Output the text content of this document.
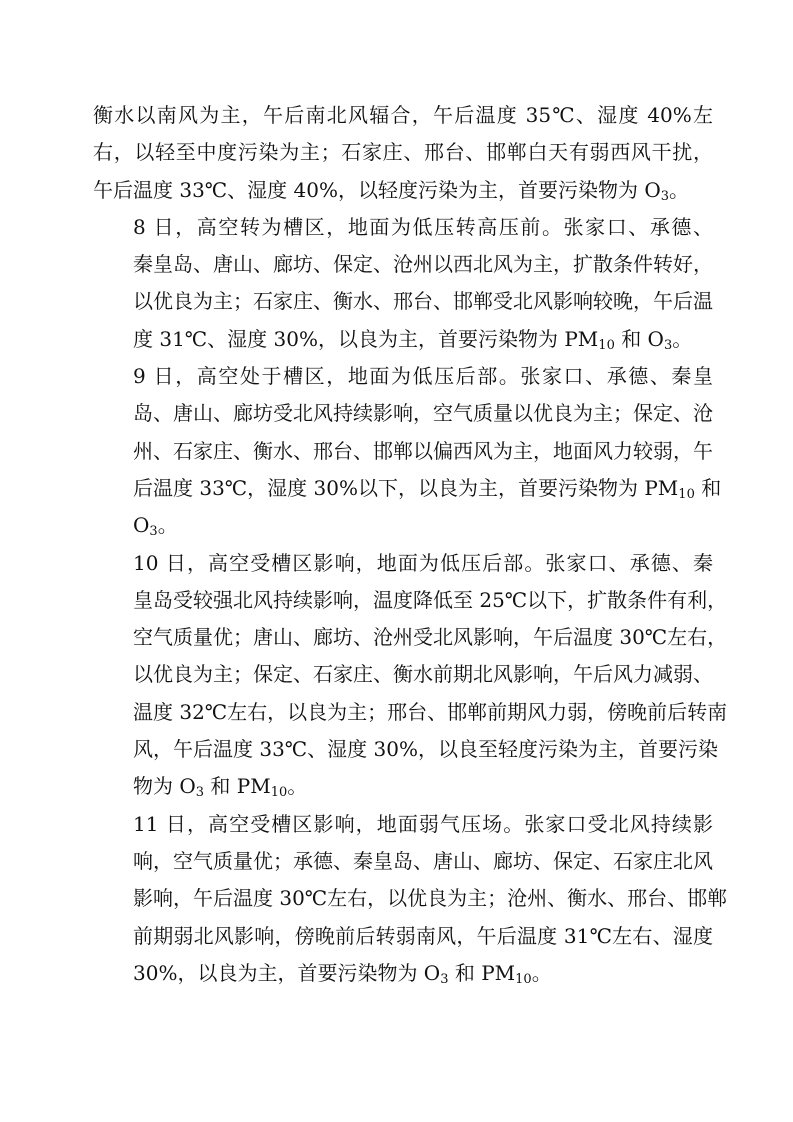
衡水以南风为主，午后南北风辐合，午后温度 35℃、湿度 40%左
右，以轻至中度污染为主；石家庄、邢台、邯郸白天有弱西风干扰，
午后温度 33℃、湿度 40%，以轻度污染为主，首要污染物为 $O_3$。
8 日，高空转为槽区，地面为低压转高压前。张家口、承德、
秦皇岛、唐山、廊坊、保定、沧州以西北风为主，扩散条件转好，
以优良为主；石家庄、衡水、邢台、邯郸受北风影响较晚，午后温
度 31℃、湿度 30%，以良为主，首要污染物为 $PM_{10}$ 和 $O_3$。
9 日，高空处于槽区，地面为低压后部。张家口、承德、秦皇
岛、唐山、廊坊受北风持续影响，空气质量以优良为主；保定、沧
州、石家庄、衡水、邢台、邯郸以偏西风为主，地面风力较弱，午
后温度 33℃，湿度 30%以下，以良为主，首要污染物为 $PM_{10}$ 和
$O_3$。
10 日，高空受槽区影响，地面为低压后部。张家口、承德、秦
皇岛受较强北风持续影响，温度降低至 25℃以下，扩散条件有利，
空气质量优；唐山、廊坊、沧州受北风影响，午后温度 30℃左右，
以优良为主；保定、石家庄、衡水前期北风影响，午后风力减弱、
温度 32℃左右，以良为主；邢台、邯郸前期风力弱，傍晚前后转南
风，午后温度 33℃、湿度 30%，以良至轻度污染为主，首要污染
物为 $O_3$ 和 $PM_{10}$。
11 日，高空受槽区影响，地面弱气压场。张家口受北风持续影
响，空气质量优；承德、秦皇岛、唐山、廊坊、保定、石家庄北风
影响，午后温度 30℃左右，以优良为主；沧州、衡水、邢台、邯郸
前期弱北风影响，傍晚前后转弱南风，午后温度 31℃左右、湿度
30%，以良为主，首要污染物为 $O_3$ 和 $PM_{10}$。
